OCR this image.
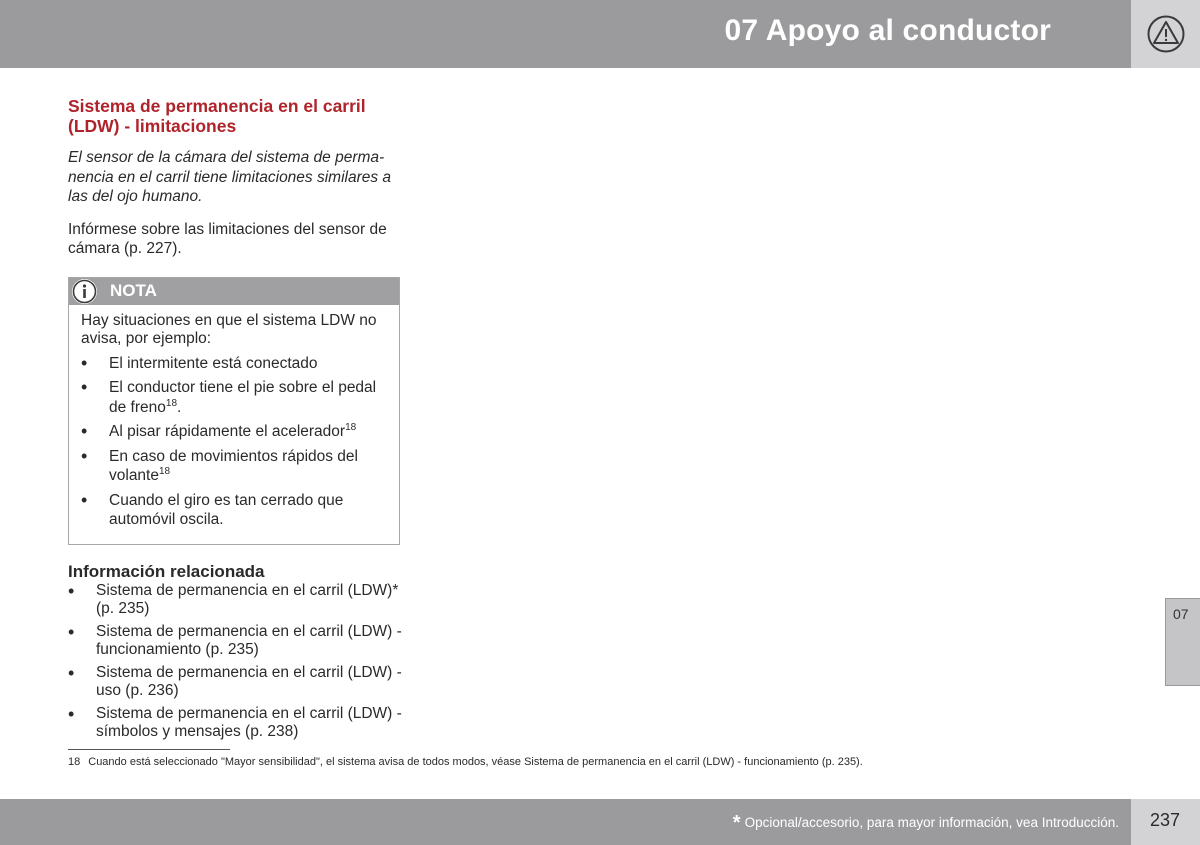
07 Apoyo al conductor
Sistema de permanencia en el carril (LDW) - limitaciones

El sensor de la cámara del sistema de perma-nencia en el carril tiene limitaciones similares a las del ojo humano.

Infórmese sobre las limitaciones del sensor de cámara (p. 227).

NOTA

Hay situaciones en que el sistema LDW no avisa, por ejemplo:

• El intermitente está conectado
• El conductor tiene el pie sobre el pedal de freno$^{18}$.
• Al pisar rápidamente el acelerador$^{18}$
• En caso de movimientos rápidos del volante$^{18}$
• Cuando el giro es tan cerrado que automóvil oscila.
Información relacionada
• Sistema de permanencia en el carril (LDW)* (p. 235)
• Sistema de permanencia en el carril (LDW) - funcionamiento (p. 235)
• Sistema de permanencia en el carril (LDW) - uso (p. 236)
• Sistema de permanencia en el carril (LDW) - símbolos y mensajes (p. 238)
18 Cuando está seleccionado "Mayor sensibilidad", el sistema avisa de todos modos, véase Sistema de permanencia en el carril (LDW) - funcionamiento (p. 235).
07
* Opcional/accesorio, para mayor información, vea Introducción. 237
